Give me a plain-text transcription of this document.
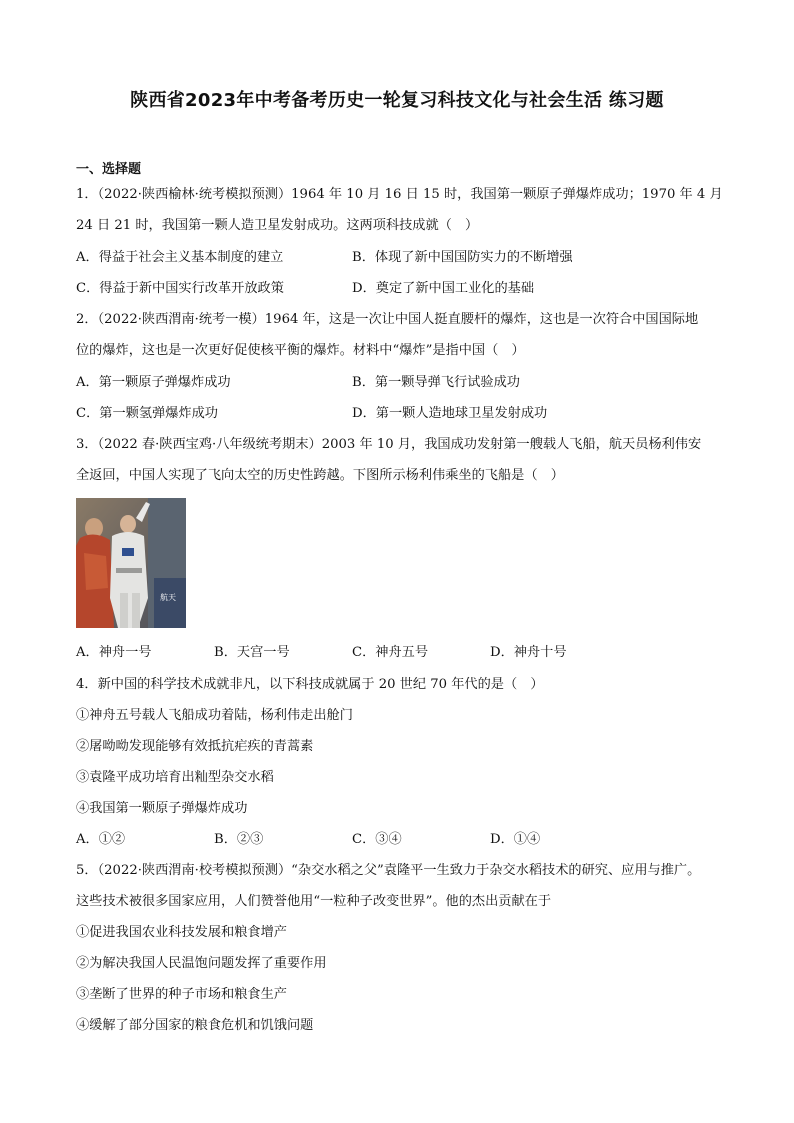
陕西省2023年中考备考历史一轮复习科技文化与社会生活 练习题
一、选择题
1．（2022·陕西榆林·统考模拟预测）1964 年 10 月 16 日 15 时，我国第一颗原子弹爆炸成功；1970 年 4 月
24 日 21 时，我国第一颗人造卫星发射成功。这两项科技成就（　）
A．得益于社会主义基本制度的建立	B．体现了新中国国防实力的不断增强
C．得益于新中国实行改革开放政策	D．奠定了新中国工业化的基础
2．（2022·陕西渭南·统考一模）1964 年，这是一次让中国人挺直腰杆的爆炸，这也是一次符合中国国际地
位的爆炸，这也是一次更好促使核平衡的爆炸。材料中“爆炸”是指中国（　）
A．第一颗原子弹爆炸成功	B．第一颗导弹飞行试验成功
C．第一颗氢弹爆炸成功	D．第一颗人造地球卫星发射成功
3．（2022 春·陕西宝鸡·八年级统考期末）2003 年 10 月，我国成功发射第一艘载人飞船，航天员杨利伟安
全返回，中国人实现了飞向太空的历史性跨越。下图所示杨利伟乘坐的飞船是（　）
航天
A．神舟一号	B．天宫一号	C．神舟五号	D．神舟十号
4．新中国的科学技术成就非凡，以下科技成就属于 20 世纪 70 年代的是（　）
①神舟五号载人飞船成功着陆，杨利伟走出舱门
②屠呦呦发现能够有效抵抗疟疾的青蒿素
③袁隆平成功培育出籼型杂交水稻
④我国第一颗原子弹爆炸成功
A．①②	B．②③	C．③④	D．①④
5．（2022·陕西渭南·校考模拟预测）“杂交水稻之父”袁隆平一生致力于杂交水稻技术的研究、应用与推广。
这些技术被很多国家应用，人们赞誉他用“一粒种子改变世界”。他的杰出贡献在于
①促进我国农业科技发展和粮食增产
②为解决我国人民温饱问题发挥了重要作用
③垄断了世界的种子市场和粮食生产
④缓解了部分国家的粮食危机和饥饿问题
